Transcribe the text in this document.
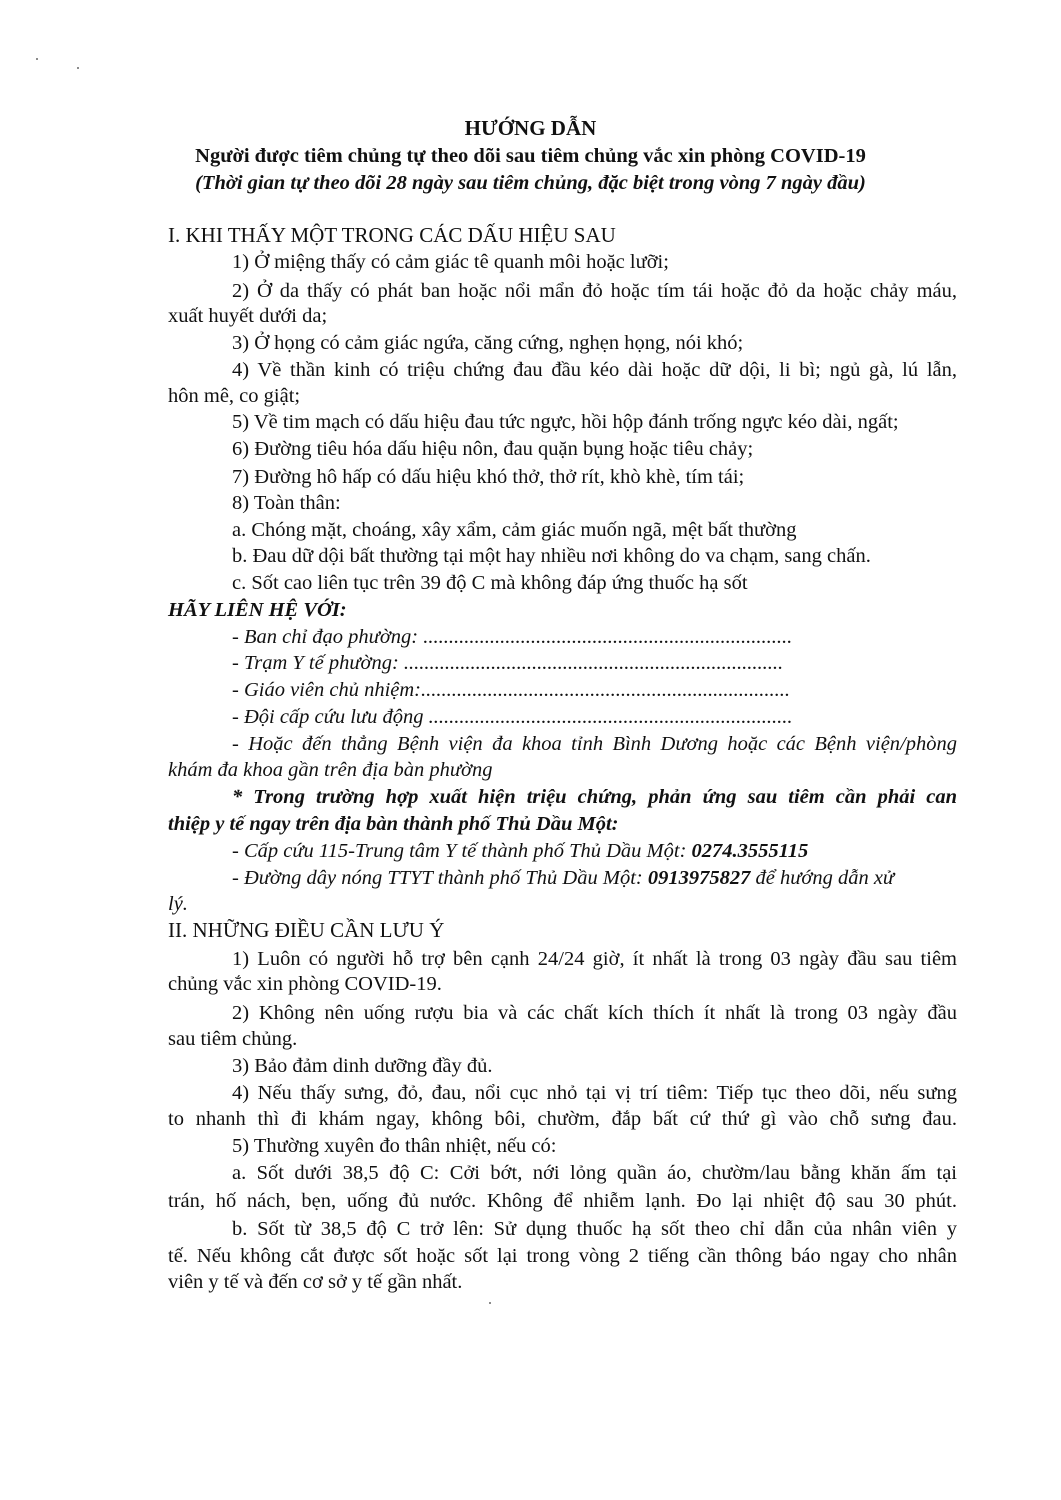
HƯỚNG DẪN
Người được tiêm chủng tự theo dõi sau tiêm chủng vắc xin phòng COVID-19
(Thời gian tự theo dõi 28 ngày sau tiêm chủng, đặc biệt trong vòng 7 ngày đầu)
I. KHI THẤY MỘT TRONG CÁC DẤU HIỆU SAU
1) Ở miệng thấy có cảm giác tê quanh môi hoặc lưỡi;
2) Ở da thấy có phát ban hoặc nổi mẩn đỏ hoặc tím tái hoặc đỏ da hoặc chảy máu,
xuất huyết dưới da;
3) Ở họng có cảm giác ngứa, căng cứng, nghẹn họng, nói khó;
4) Về thần kinh có triệu chứng đau đầu kéo dài hoặc dữ dội, li bì; ngủ gà, lú lẫn,
hôn mê, co giật;
5) Về tim mạch có dấu hiệu đau tức ngực, hồi hộp đánh trống ngực kéo dài, ngất;
6) Đường tiêu hóa dấu hiệu nôn, đau quặn bụng hoặc tiêu chảy;
7) Đường hô hấp có dấu hiệu khó thở, thở rít, khò khè, tím tái;
8) Toàn thân:
a. Chóng mặt, choáng, xây xẩm, cảm giác muốn ngã, mệt bất thường
b. Đau dữ dội bất thường tại một hay nhiều nơi không do va chạm, sang chấn.
c. Sốt cao liên tục trên 39 độ C mà không đáp ứng thuốc hạ sốt
HÃY LIÊN HỆ VỚI:
- Ban chỉ đạo phường: ........................................................................
- Trạm Y tế phường: ..........................................................................
- Giáo viên chủ nhiệm:........................................................................
- Đội cấp cứu lưu động .......................................................................
- Hoặc đến thẳng Bệnh viện đa khoa tỉnh Bình Dương hoặc các Bệnh viện/phòng
khám đa khoa gần trên địa bàn phường
* Trong trường hợp xuất hiện triệu chứng, phản ứng sau tiêm cần phải can
thiệp y tế ngay trên địa bàn thành phố Thủ Dầu Một:
- Cấp cứu 115-Trung tâm Y tế thành phố Thủ Dầu Một: 0274.3555115
- Đường dây nóng TTYT thành phố Thủ Dầu Một: 0913975827 để hướng dẫn xử
lý.
II. NHỮNG ĐIỀU CẦN LƯU Ý
1) Luôn có người hỗ trợ bên cạnh 24/24 giờ, ít nhất là trong 03 ngày đầu sau tiêm
chủng vắc xin phòng COVID-19.
2) Không nên uống rượu bia và các chất kích thích ít nhất là trong 03 ngày đầu
sau tiêm chủng.
3) Bảo đảm dinh dưỡng đầy đủ.
4) Nếu thấy sưng, đỏ, đau, nổi cục nhỏ tại vị trí tiêm: Tiếp tục theo dõi, nếu sưng
to nhanh thì đi khám ngay, không bôi, chườm, đắp bất cứ thứ gì vào chỗ sưng đau.
5) Thường xuyên đo thân nhiệt, nếu có:
a. Sốt dưới 38,5 độ C: Cởi bớt, nới lỏng quần áo, chườm/lau bằng khăn ấm tại
trán, hố nách, bẹn, uống đủ nước. Không để nhiễm lạnh. Đo lại nhiệt độ sau 30 phút.
b. Sốt từ 38,5 độ C trở lên: Sử dụng thuốc hạ sốt theo chỉ dẫn của nhân viên y
tế. Nếu không cắt được sốt hoặc sốt lại trong vòng 2 tiếng cần thông báo ngay cho nhân
viên y tế và đến cơ sở y tế gần nhất.
